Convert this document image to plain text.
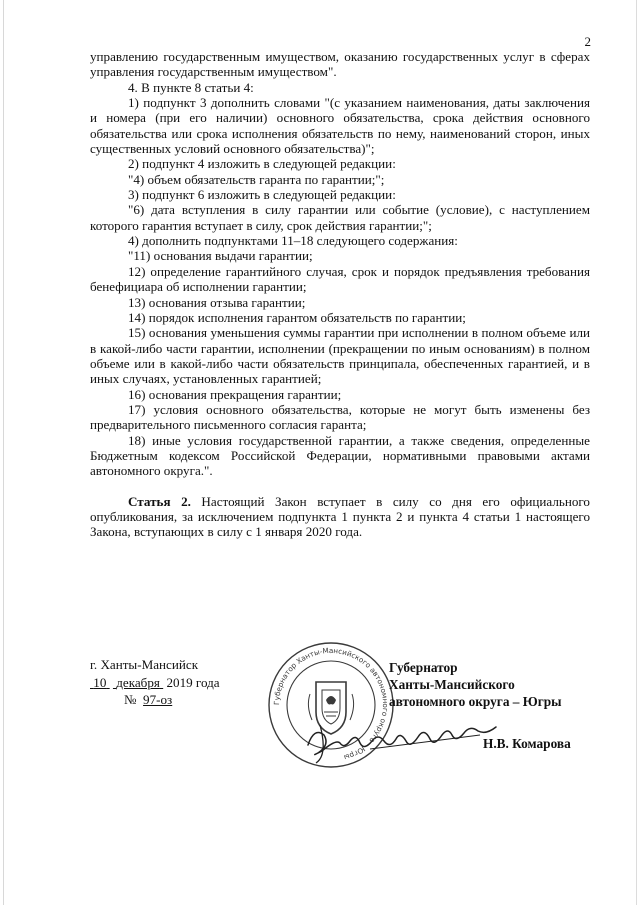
2

управлению государственным имуществом, оказанию государственных услуг в сферах управления государственным имуществом".

4. В пункте 8 статьи 4:

1) подпункт 3 дополнить словами "(с указанием наименования, даты заключения и номера (при его наличии) основного обязательства, срока действия основного обязательства или срока исполнения обязательств по нему, наименований сторон, иных существенных условий основного обязательства)";

2) подпункт 4 изложить в следующей редакции:

"4) объем обязательств гаранта по гарантии;";

3) подпункт 6 изложить в следующей редакции:

"6) дата вступления в силу гарантии или событие (условие), с наступлением которого гарантия вступает в силу, срок действия гарантии;";

4) дополнить подпунктами 11–18 следующего содержания:

"11) основания выдачи гарантии;

12) определение гарантийного случая, срок и порядок предъявления требования бенефициара об исполнении гарантии;

13) основания отзыва гарантии;

14) порядок исполнения гарантом обязательств по гарантии;

15) основания уменьшения суммы гарантии при исполнении в полном объеме или в какой-либо части гарантии, исполнении (прекращении по иным основаниям) в полном объеме или в какой-либо части обязательств принципала, обеспеченных гарантией, и в иных случаях, установленных гарантией;

16) основания прекращения гарантии;

17) условия основного обязательства, которые не могут быть изменены без предварительного письменного согласия гаранта;

18) иные условия государственной гарантии, а также сведения, определенные Бюджетным кодексом Российской Федерации, нормативными правовыми актами автономного округа.".

Статья 2. Настоящий Закон вступает в силу со дня его официального опубликования, за исключением подпункта 1 пункта 2 и пункта 4 статьи 1 настоящего Закона, вступающих в силу с 1 января 2020 года.

г. Ханты-Мансийск
10 декабря 2019 года
№ 97-оз	Губернатор Ханты-Мансийского автономного округа – Югры
Губернатор
Ханты-Мансийского
автономного округа – Югры
Н.В. Комарова
